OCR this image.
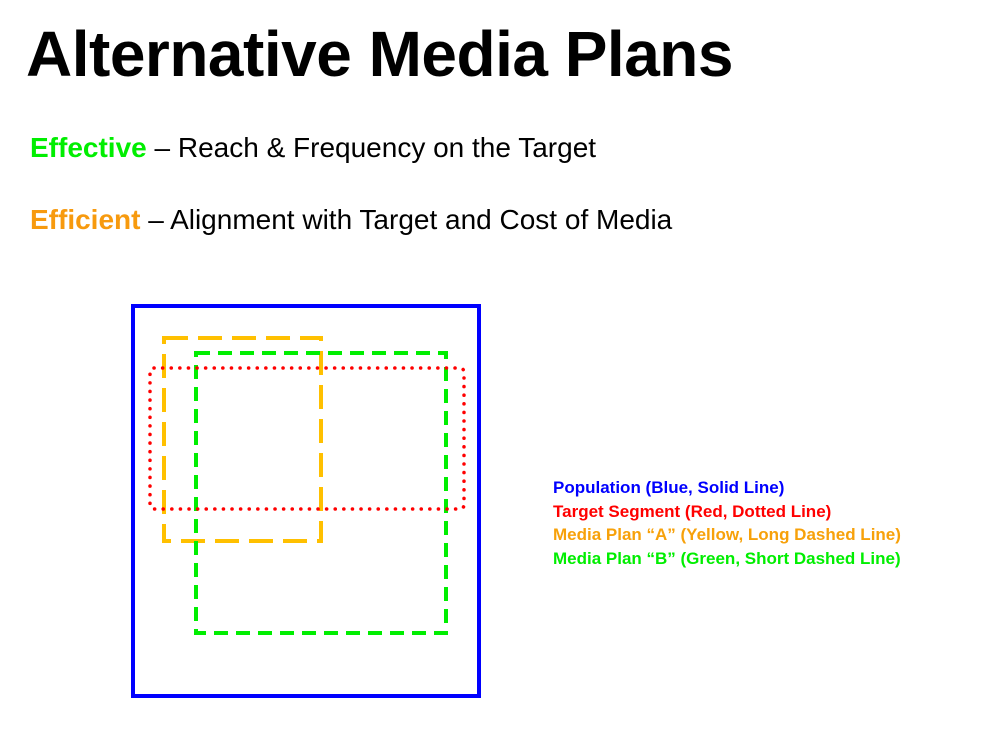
Alternative Media Plans
Effective – Reach & Frequency on the Target
Efficient – Alignment with Target and Cost of Media
Population (Blue, Solid Line)
Target Segment (Red, Dotted Line)
Media Plan “A” (Yellow, Long Dashed Line)
Media Plan “B” (Green, Short Dashed Line)
